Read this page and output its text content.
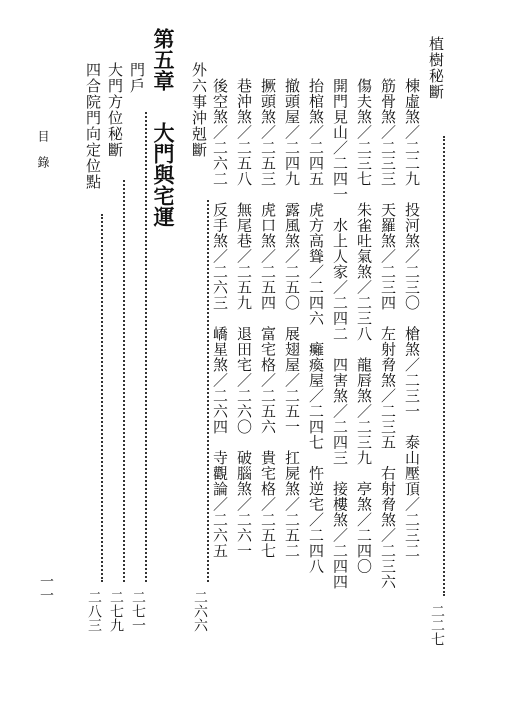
植樹秘斷
二二七
棟虛煞／二二九　投河煞／二三〇　槍煞／二三一　泰山壓頂／二三二
筋骨煞／二三三　天羅煞／二三四　左射脅煞／二三五　右射脅煞／二三六
傷夫煞／二三七　朱雀吐氣煞／二三八　龍唇煞／二三九　亭煞／二四〇
開門見山／二四一　水上人家／二四二　四害煞／二四三　接樓煞／二四四
抬棺煞／二四五　虎方高聳／二四六　癱瘓屋／二四七　忤逆宅／二四八
撤頭屋／二四九　露風煞／二五〇　展翅屋／二五一　扛屍煞／二五二
撅頭煞／二五三　虎口煞／二五四　富宅格／二五六　貴宅格／二五七
巷沖煞／二五八　無尾巷／二五九　退田宅／二六〇　破腦煞／二六一
後空煞／二六二　反手煞／二六三　嶠星煞／二六四　寺觀論／二六五
外六事沖剋斷
二六六
第五章
大門與宅運
門戶
二七一
大門方位秘斷
二七九
四合院門向定位點
二八三
目錄
一一
